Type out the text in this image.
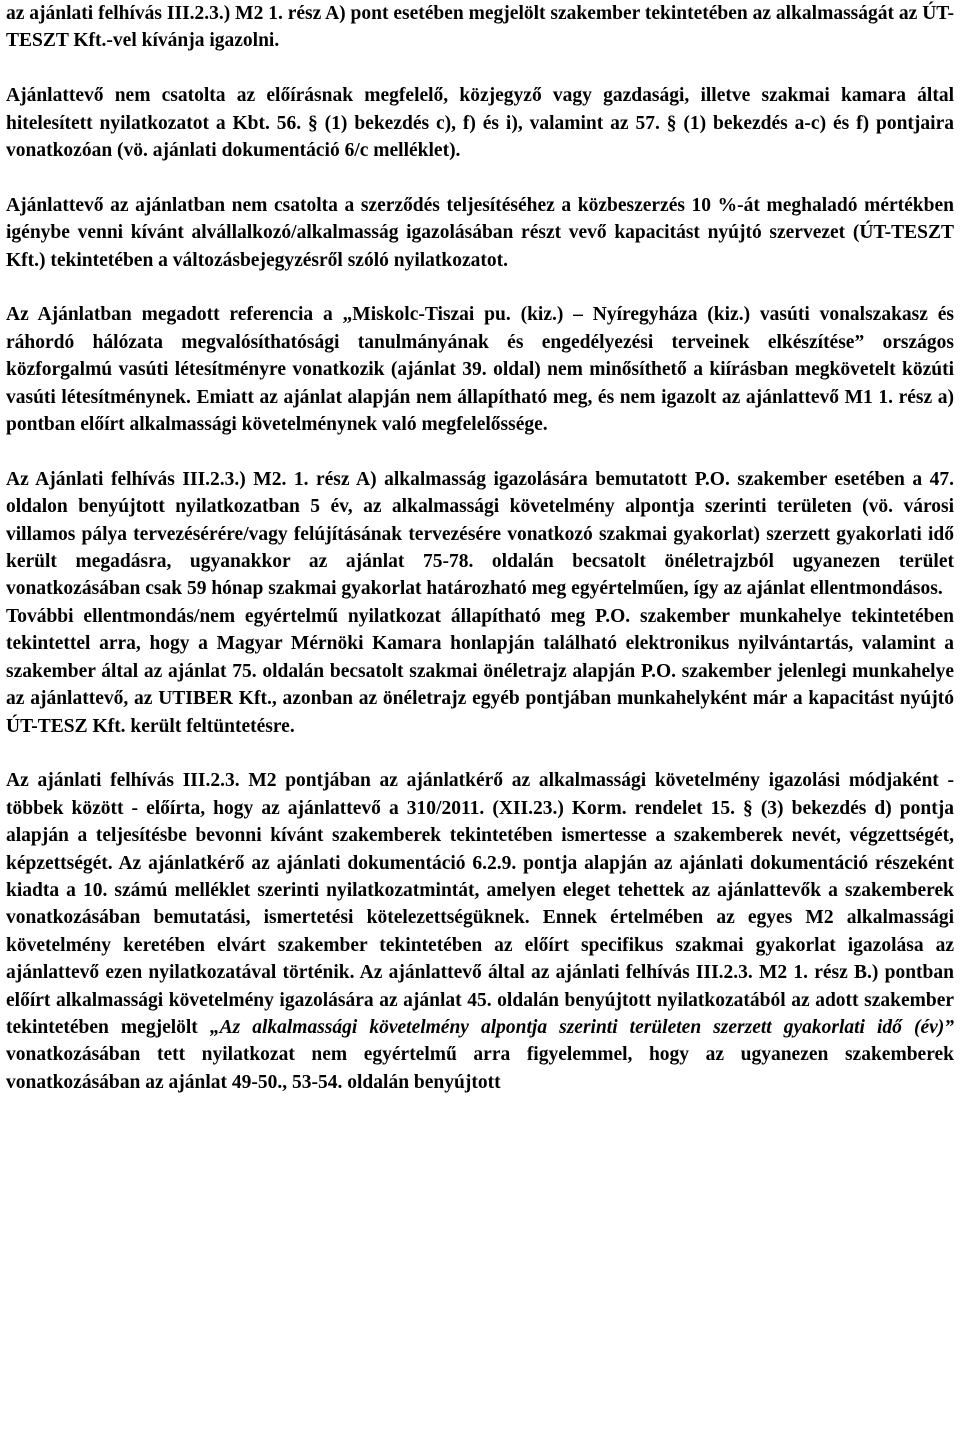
az ajánlati felhívás III.2.3.) M2 1. rész A) pont esetében megjelölt szakember tekintetében az alkalmasságát az ÚT-TESZT Kft.-vel kívánja igazolni.

Ajánlattevő nem csatolta az előírásnak megfelelő, közjegyző vagy gazdasági, illetve szakmai kamara által hitelesített nyilatkozatot a Kbt. 56. § (1) bekezdés c), f) és i), valamint az 57. § (1) bekezdés a-c) és f) pontjaira vonatkozóan (vö. ajánlati dokumentáció 6/c melléklet).

Ajánlattevő az ajánlatban nem csatolta a szerződés teljesítéséhez a közbeszerzés 10 %-át meghaladó mértékben igénybe venni kívánt alvállalkozó/alkalmasság igazolásában részt vevő kapacitást nyújtó szervezet (ÚT-TESZT Kft.) tekintetében a változásbejegyzésről szóló nyilatkozatot.

Az Ajánlatban megadott referencia a „Miskolc-Tiszai pu. (kiz.) – Nyíregyháza (kiz.) vasúti vonalszakasz és ráhordó hálózata megvalósíthatósági tanulmányának és engedélyezési terveinek elkészítése” országos közforgalmú vasúti létesítményre vonatkozik (ajánlat 39. oldal) nem minősíthető a kiírásban megkövetelt közúti vasúti létesítménynek. Emiatt az ajánlat alapján nem állapítható meg, és nem igazolt az ajánlattevő M1 1. rész a) pontban előírt alkalmassági követelménynek való megfelelőssége.

Az Ajánlati felhívás III.2.3.) M2. 1. rész A) alkalmasság igazolására bemutatott P.O. szakember esetében a 47. oldalon benyújtott nyilatkozatban 5 év, az alkalmassági követelmény alpontja szerinti területen (vö. városi villamos pálya tervezésérére/vagy felújításának tervezésére vonatkozó szakmai gyakorlat) szerzett gyakorlati idő került megadásra, ugyanakkor az ajánlat 75-78. oldalán becsatolt önéletrajzból ugyanezen terület vonatkozásában csak 59 hónap szakmai gyakorlat határozható meg egyértelműen, így az ajánlat ellentmondásos.

További ellentmondás/nem egyértelmű nyilatkozat állapítható meg P.O. szakember munkahelye tekintetében tekintettel arra, hogy a Magyar Mérnöki Kamara honlapján található elektronikus nyilvántartás, valamint a szakember által az ajánlat 75. oldalán becsatolt szakmai önéletrajz alapján P.O. szakember jelenlegi munkahelye az ajánlattevő, az UTIBER Kft., azonban az önéletrajz egyéb pontjában munkahelyként már a kapacitást nyújtó ÚT-TESZ Kft. került feltüntetésre.

Az ajánlati felhívás III.2.3. M2 pontjában az ajánlatkérő az alkalmassági követelmény igazolási módjaként - többek között - előírta, hogy az ajánlattevő a 310/2011. (XII.23.) Korm. rendelet 15. § (3) bekezdés d) pontja alapján a teljesítésbe bevonni kívánt szakemberek tekintetében ismertesse a szakemberek nevét, végzettségét, képzettségét. Az ajánlatkérő az ajánlati dokumentáció 6.2.9. pontja alapján az ajánlati dokumentáció részeként kiadta a 10. számú melléklet szerinti nyilatkozatmintát, amelyen eleget tehettek az ajánlattevők a szakemberek vonatkozásában bemutatási, ismertetési kötelezettségüknek. Ennek értelmében az egyes M2 alkalmassági követelmény keretében elvárt szakember tekintetében az előírt specifikus szakmai gyakorlat igazolása az ajánlattevő ezen nyilatkozatával történik. Az ajánlattevő által az ajánlati felhívás III.2.3. M2 1. rész B.) pontban előírt alkalmassági követelmény igazolására az ajánlat 45. oldalán benyújtott nyilatkozatából az adott szakember tekintetében megjelölt „Az alkalmassági követelmény alpontja szerinti területen szerzett gyakorlati idő (év)” vonatkozásában tett nyilatkozat nem egyértelmű arra figyelemmel, hogy az ugyanezen szakemberek vonatkozásában az ajánlat 49-50., 53-54. oldalán benyújtott
